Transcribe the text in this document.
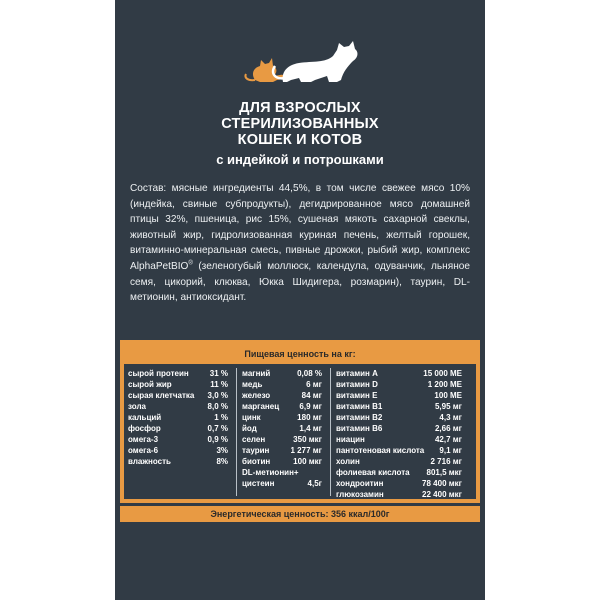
ДЛЯ ВЗРОСЛЫХ
СТЕРИЛИЗОВАННЫХ
КОШЕК И КОТОВ
с индейкой и потрошками
Состав: мясные ингредиенты 44,5%, в том числе свежее мясо 10% (индейка, свиные субпродукты), дегидрированное мясо домашней птицы 32%, пшеница, рис 15%, сушеная мякоть сахарной свеклы, животный жир, гидролизованная куриная печень, желтый горошек, витаминно-минеральная смесь, пивные дрожжи, рыбий жир, комплекс AlphaPetBIO® (зеленогубый моллюск, календула, одуванчик, льняное семя, цикорий, клюква, Юкка Шидигера, розмарин), таурин, DL-метионин, антиоксидант.
Пищевая ценность на кг:
сырой протеин	31 %
сырой жир	11 %
сырая клетчатка 3,0 %
зола	8,0 %
кальций	1 %
фосфор	0,7 %
омега-3	0,9 %
омега-6	3%
влажность	8%
магний	0,08 %
медь	6 мг
железо	84 мг
марганец	6,9 мг
цинк	180 мг
йод	1,4 мг
селен	350 мкг
таурин	1 277 мг
биотин	100 мкг
DL-метионин+
цистеин	4,5г
витамин А	15 000 МЕ
витамин D	1 200 МЕ
витамин Е	100 МЕ
витамин В1	5,95 мг
витамин В2	4,3 мг
витамин В6	2,66 мг
ниацин	42,7 мг
пантотеновая кислота 9,1 мг
холин	2 716 мг
фолиевая кислота 801,5 мкг
хондроитин	78 400 мкг
глюкозамин	22 400 мкг
Энергетическая ценность: 356 ккал/100г
